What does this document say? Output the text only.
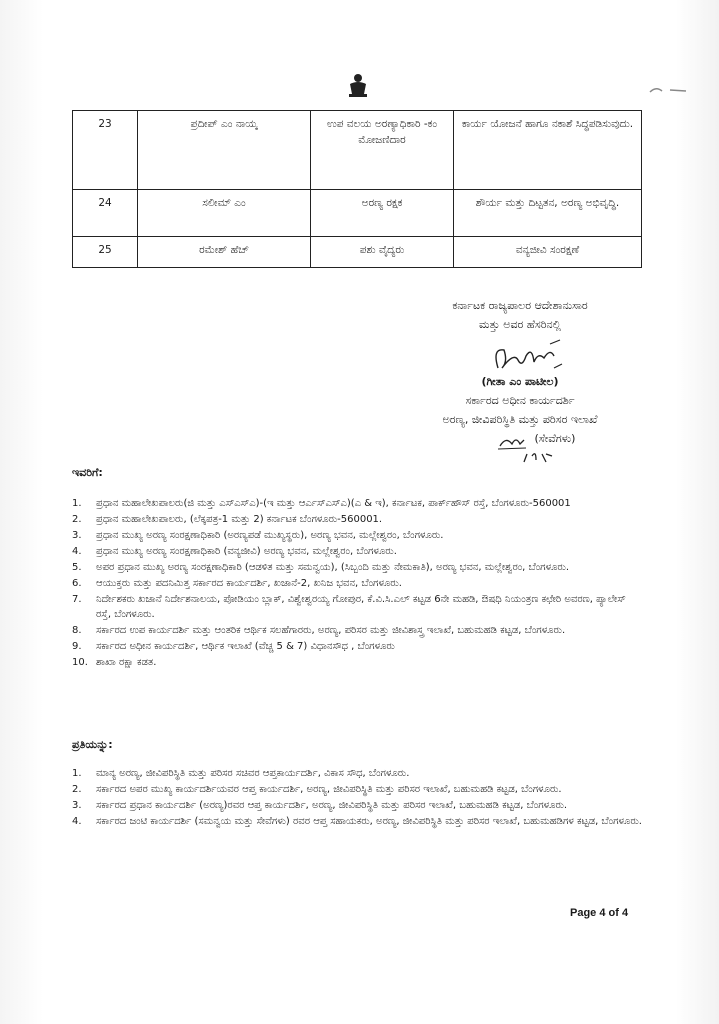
23	ಪ್ರದೀಪ್ ಎಂ ನಾಯ್ಕ	ಉಪ ವಲಯ ಅರಣ್ಯಾಧಿಕಾರಿ -ಕಂ ಮೋಜಣಿದಾರ	ಕಾರ್ಯ ಯೋಜನೆ ಹಾಗೂ ನಕಾಶೆ ಸಿದ್ಧಪಡಿಸುವುದು.
24	ಸಲೀಮ್ ಎಂ	ಅರಣ್ಯ ರಕ್ಷಕ	ಶೌರ್ಯ ಮತ್ತು ದಿಟ್ಟತನ, ಅರಣ್ಯ ಅಭಿವೃದ್ಧಿ.
25	ರಮೇಶ್ ಹೆಚ್	ಪಶು ವೈದ್ಯರು	ವನ್ಯಜೀವಿ ಸಂರಕ್ಷಣೆ
ಕರ್ನಾಟಕ ರಾಜ್ಯಪಾಲರ ಆದೇಶಾನುಸಾರ
ಮತ್ತು ಅವರ ಹೆಸರಿನಲ್ಲಿ
(ಗೀತಾ ಎಂ ಪಾಟೀಲ)
ಸರ್ಕಾರದ ಅಧೀನ ಕಾರ್ಯದರ್ಶಿ
ಅರಣ್ಯ, ಜೀವಿಪರಿಸ್ಥಿತಿ ಮತ್ತು ಪರಿಸರ ಇಲಾಖೆ
(ಸೇವೆಗಳು)
ಇವರಿಗೆ:
1. ಪ್ರಧಾನ ಮಹಾಲೇಖಪಾಲರು(ಜಿ ಮತ್ತು ಎಸ್ಎಸ್ಎ)-(ಇ ಮತ್ತು ಆರ್ಎಸ್ಎಸ್ಎ)(ಎ & ಇ), ಕರ್ನಾಟಕ, ಪಾರ್ಕ್‌ಹೌಸ್ ರಸ್ತೆ, ಬೆಂಗಳೂರು-560001
2. ಪ್ರಧಾನ ಮಹಾಲೇಖಪಾಲರು, (ಲೆಕ್ಕಪತ್ರ-1 ಮತ್ತು 2) ಕರ್ನಾಟಕ ಬೆಂಗಳೂರು-560001.
3. ಪ್ರಧಾನ ಮುಖ್ಯ ಅರಣ್ಯ ಸಂರಕ್ಷಣಾಧಿಕಾರಿ (ಅರಣ್ಯಪಡೆ ಮುಖ್ಯಸ್ಥರು), ಅರಣ್ಯ ಭವನ, ಮಲ್ಲೇಶ್ವರಂ, ಬೆಂಗಳೂರು.
4. ಪ್ರಧಾನ ಮುಖ್ಯ ಅರಣ್ಯ ಸಂರಕ್ಷಣಾಧಿಕಾರಿ (ವನ್ಯಜೀವಿ) ಅರಣ್ಯ ಭವನ, ಮಲ್ಲೇಶ್ವರಂ, ಬೆಂಗಳೂರು.
5. ಅಪರ ಪ್ರಧಾನ ಮುಖ್ಯ ಅರಣ್ಯ ಸಂರಕ್ಷಣಾಧಿಕಾರಿ (ಆಡಳಿತ ಮತ್ತು ಸಮನ್ವಯ), (ಸಿಬ್ಬಂದಿ ಮತ್ತು ನೇಮಕಾತಿ), ಅರಣ್ಯ ಭವನ, ಮಲ್ಲೇಶ್ವರಂ, ಬೆಂಗಳೂರು.
6. ಆಯುಕ್ತರು ಮತ್ತು ಪದನಿಮಿತ್ತ ಸರ್ಕಾರದ ಕಾರ್ಯದರ್ಶಿ, ಖಜಾನೆ-2, ಖನಿಜ ಭವನ, ಬೆಂಗಳೂರು.
7. ನಿರ್ದೇಶಕರು ಖಜಾನೆ ನಿರ್ದೇಶನಾಲಯ, ಪೋಡಿಯಂ ಬ್ಲಾಕ್, ವಿಶ್ವೇಶ್ವರಯ್ಯ ಗೋಪುರ, ಕೆ.ವಿ.ಸಿ.ಎಲ್ ಕಟ್ಟಡ 6ನೇ ಮಹಡಿ, ಔಷಧಿ ನಿಯಂತ್ರಣ ಕಛೇರಿ ಅವರಣ, ಪ್ಯಾಲೇಸ್ ರಸ್ತೆ, ಬೆಂಗಳೂರು.
8. ಸರ್ಕಾರದ ಉಪ ಕಾರ್ಯದರ್ಶಿ ಮತ್ತು ಆಂತರಿಕ ಆರ್ಥಿಕ ಸಲಹೆಗಾರರು, ಅರಣ್ಯ, ಪರಿಸರ ಮತ್ತು ಜೀವಿಶಾಸ್ತ್ರ ಇಲಾಖೆ, ಬಹುಮಹಡಿ ಕಟ್ಟಡ, ಬೆಂಗಳೂರು.
9. ಸರ್ಕಾರದ ಅಧೀನ ಕಾರ್ಯದರ್ಶಿ, ಆರ್ಥಿಕ ಇಲಾಖೆ (ವೆಚ್ಚ 5 & 7) ವಿಧಾನಸೌಧ , ಬೆಂಗಳೂರು
10. ಶಾಖಾ ರಕ್ಷಾ ಕಡತ.
ಪ್ರತಿಯನ್ನು:
1. ಮಾನ್ಯ ಅರಣ್ಯ, ಜೀವಿಪರಿಸ್ಥಿತಿ ಮತ್ತು ಪರಿಸರ ಸಚಿವರ ಆಪ್ತಕಾರ್ಯದರ್ಶಿ, ವಿಕಾಸ ಸೌಧ, ಬೆಂಗಳೂರು.
2. ಸರ್ಕಾರದ ಅಪರ ಮುಖ್ಯ ಕಾರ್ಯದರ್ಶಿಯವರ ಆಪ್ತ ಕಾರ್ಯದರ್ಶಿ, ಅರಣ್ಯ, ಜೀವಿಪರಿಸ್ಥಿತಿ ಮತ್ತು ಪರಿಸರ ಇಲಾಖೆ, ಬಹುಮಹಡಿ ಕಟ್ಟಡ, ಬೆಂಗಳೂರು.
3. ಸರ್ಕಾರದ ಪ್ರಧಾನ ಕಾರ್ಯದರ್ಶಿ (ಅರಣ್ಯ)ರವರ ಆಪ್ತ ಕಾರ್ಯದರ್ಶಿ, ಅರಣ್ಯ, ಜೀವಿಪರಿಸ್ಥಿತಿ ಮತ್ತು ಪರಿಸರ ಇಲಾಖೆ, ಬಹುಮಹಡಿ ಕಟ್ಟಡ, ಬೆಂಗಳೂರು.
4. ಸರ್ಕಾರದ ಜಂಟಿ ಕಾರ್ಯದರ್ಶಿ (ಸಮನ್ವಯ ಮತ್ತು ಸೇವೆಗಳು) ರವರ ಆಪ್ತ ಸಹಾಯಕರು, ಅರಣ್ಯ, ಜೀವಿಪರಿಸ್ಥಿತಿ ಮತ್ತು ಪರಿಸರ ಇಲಾಖೆ, ಬಹುಮಹಡಿಗಳ ಕಟ್ಟಡ, ಬೆಂಗಳೂರು.
Page 4 of 4
